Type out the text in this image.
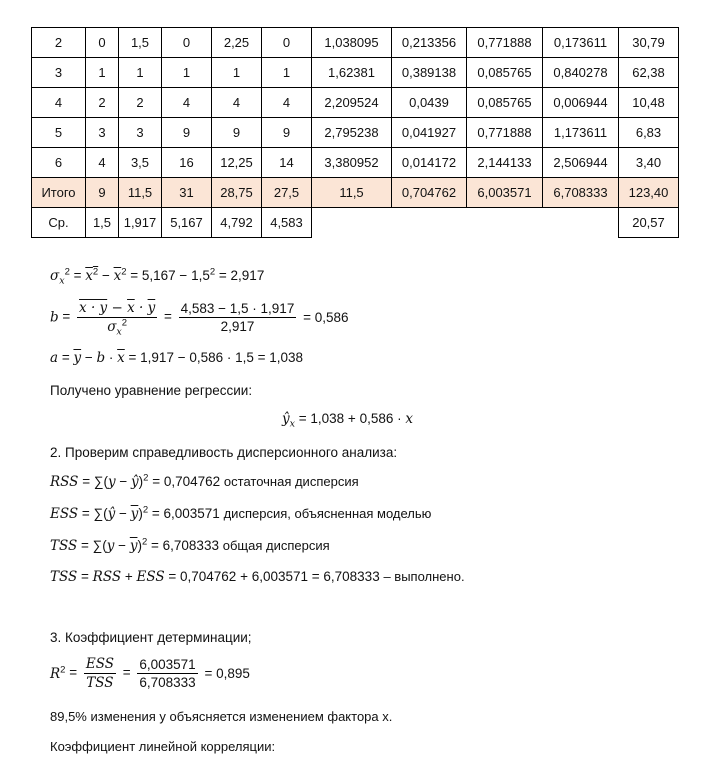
2	0	1,5	0	2,25	0	1,038095	0,213356	0,771888	0,173611	30,79
3	1	1	1	1	1	1,62381	0,389138	0,085765	0,840278	62,38
4	2	2	4	4	4	2,209524	0,0439	0,085765	0,006944	10,48
5	3	3	9	9	9	2,795238	0,041927	0,771888	1,173611	6,83
6	4	3,5	16	12,25	14	3,380952	0,014172	2,144133	2,506944	3,40
Итого	9	11,5	31	28,75	27,5	11,5	0,704762	6,003571	6,708333	123,40
Ср.	1,5	1,917	5,167	4,792	4,583					20,57
$\sigma_x^2 = x^2 - \overline{x}^2 = 5,167 - 1,5^2 = 2,917$
$b = \frac{x \cdot y - \overline{x} \cdot \overline{y}}{\sigma_x^2} = \frac{4,583 - 1,5 \cdot 1,917}{2,917} = 0,586$
$a = \overline{y} - b \cdot \overline{x} = 1,917 - 0,586 \cdot 1,5 = 1,038$
Получено уравнение регрессии:
$ŷ_x = 1,038 + 0,586 \cdot x$
2. Проверим справедливость дисперсионного анализа:
RSS = ∑(y − ŷ)$^2$ = 0,704762 остаточная дисперсия
ESS = ∑(ŷ − $\overline{y})^2 = 6,003571$ дисперсия, объясненная моделью
TSS = $\sum(y - \overline{y})^2 = 6,708333$ общая дисперсия
TSS = RSS + ESS = 0,704762 + 6,003571 = 6,708333 – выполнено.
3. Коэффициент детерминации;
$R^2 = \frac{\text{ESS}}{\text{TSS}} = \frac{6,003571}{6,708333} = 0,895$
89,5% изменения y объясняется изменением фактора х.
Коэффициент линейной корреляции:
